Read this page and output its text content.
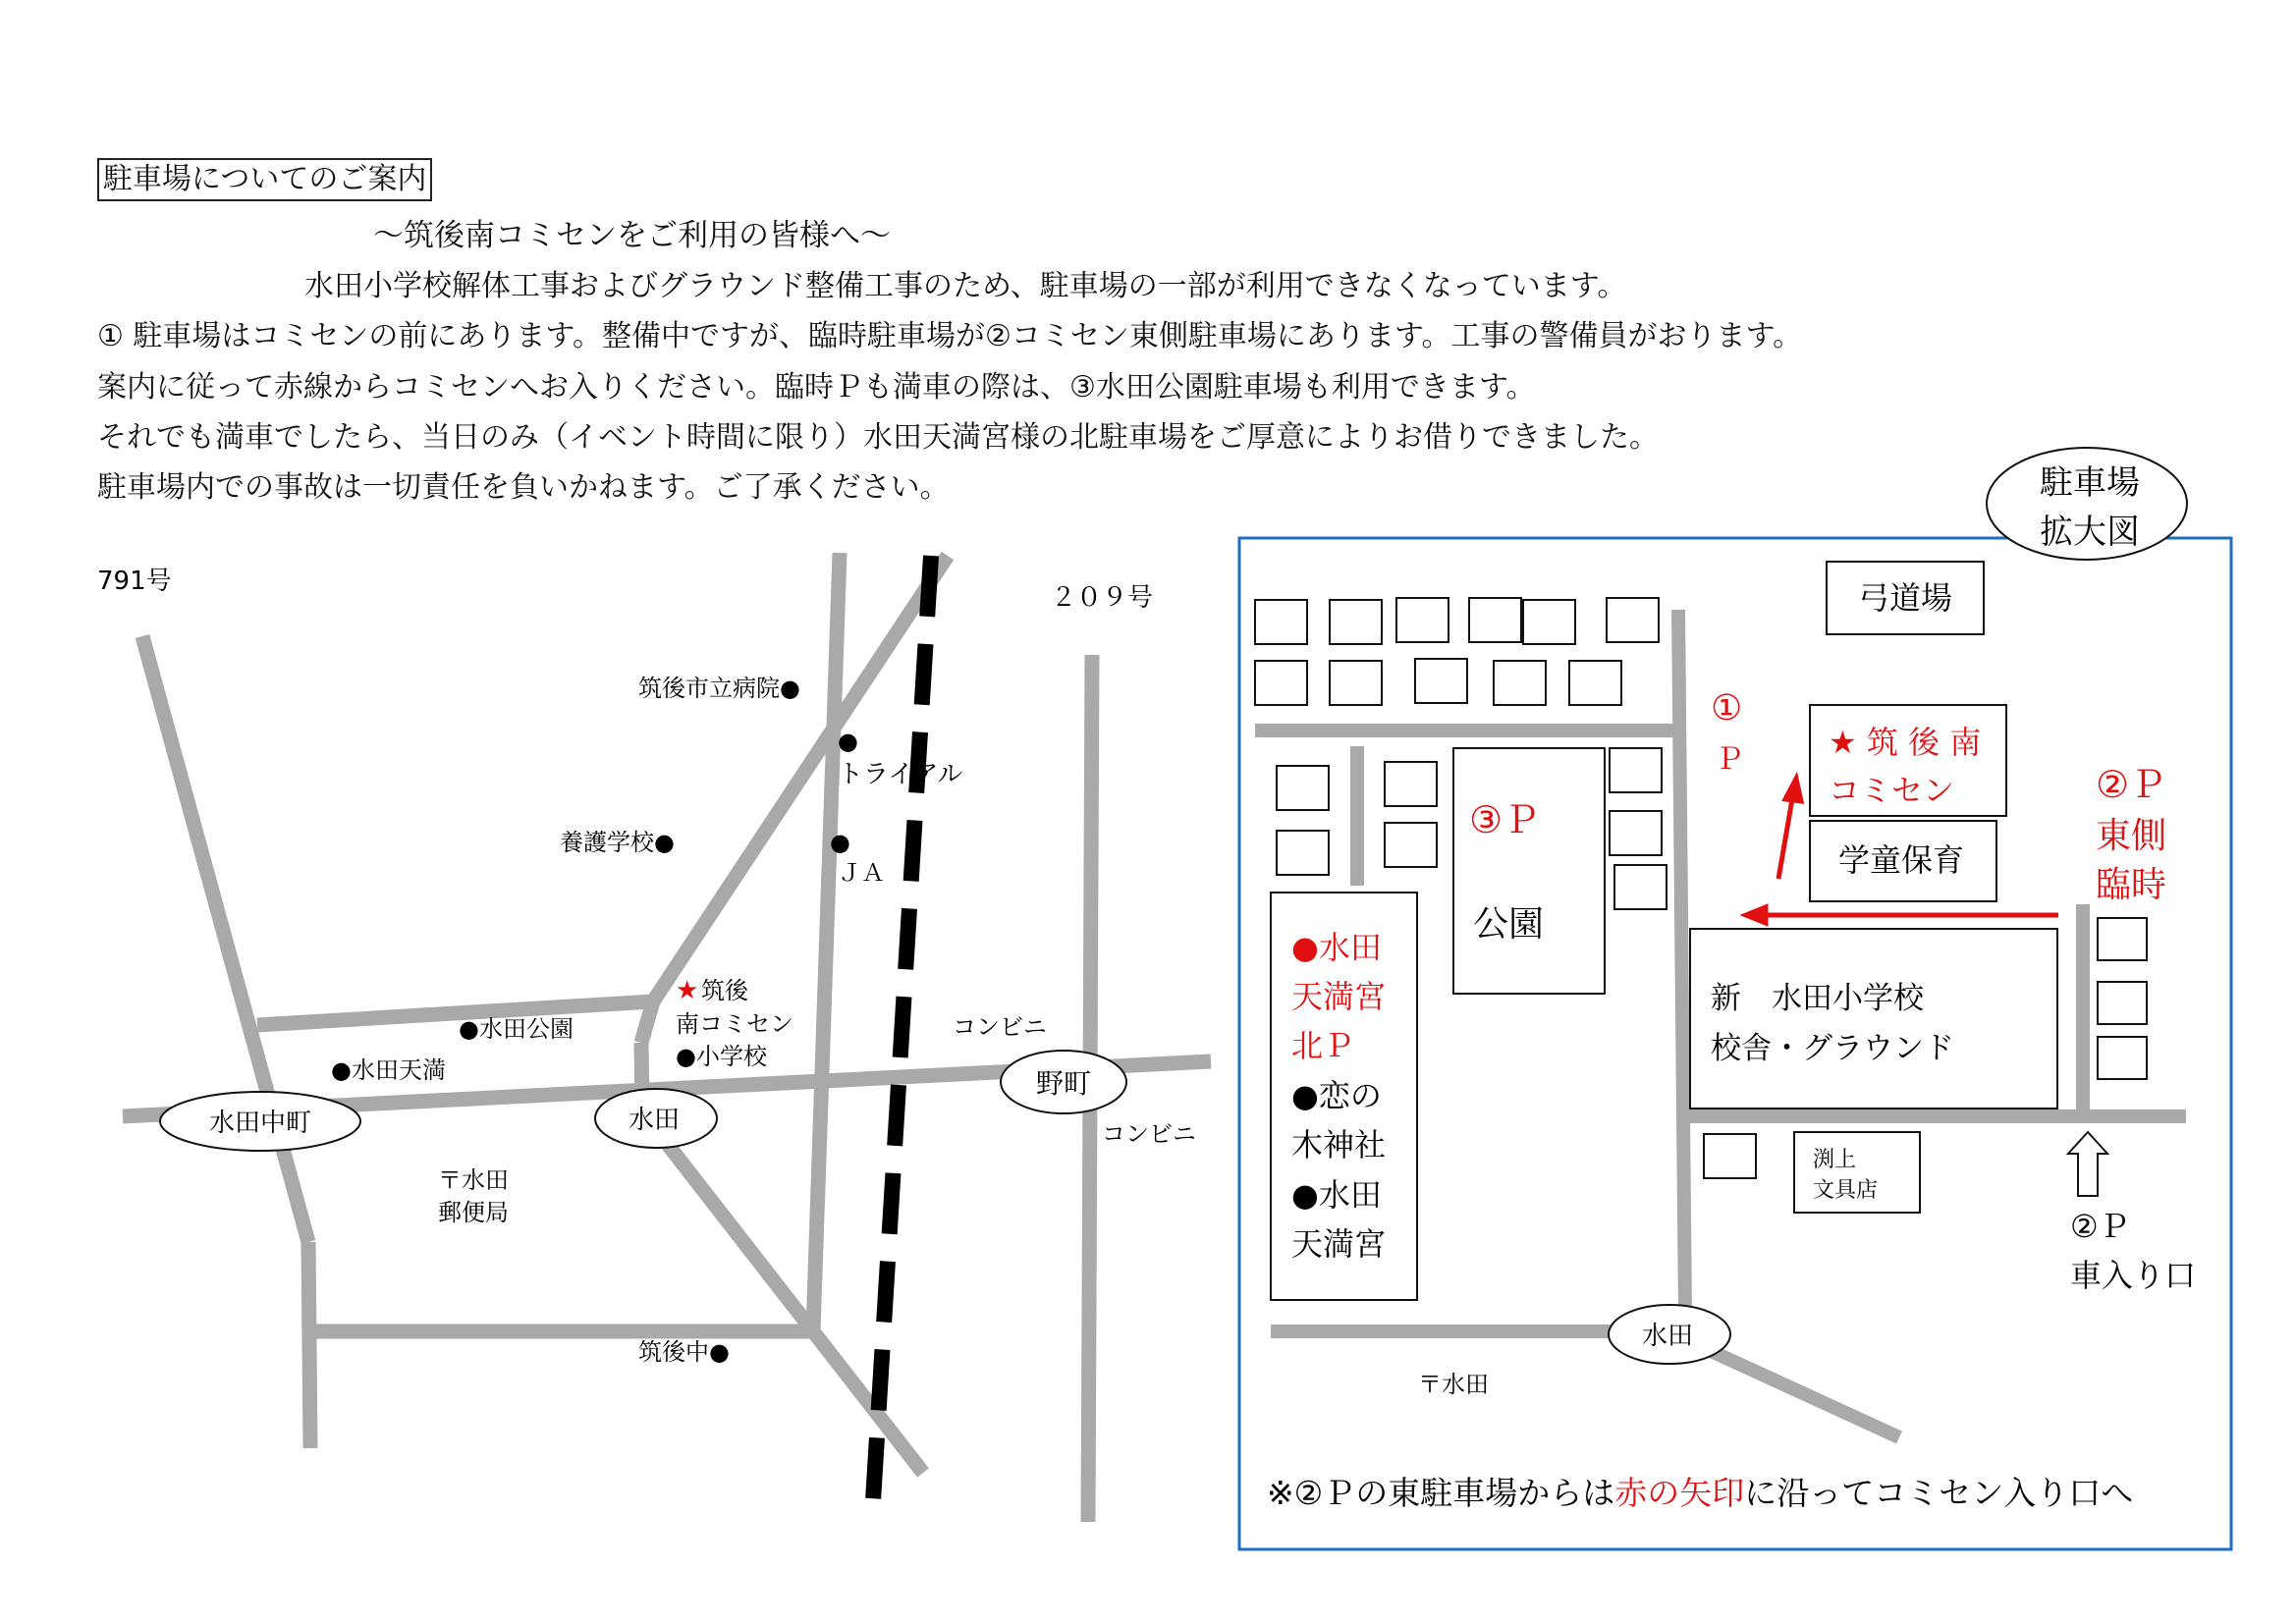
駐車場についてのご案内
〜筑後南コミセンをご利用の皆様へ〜
水田小学校解体工事およびグラウンド整備工事のため、駐車場の一部が利用できなくなっています。
① 駐車場はコミセンの前にあります。整備中ですが、臨時駐車場が②コミセン東側駐車場にあります。工事の警備員がおります。
案内に従って赤線からコミセンへお入りください。臨時Ｐも満車の際は、③水田公園駐車場も利用できます。
それでも満車でしたら、当日のみ（イベント時間に限り）水田天満宮様の北駐車場をご厚意によりお借りできました。
駐車場内での事故は一切責任を負いかねます。ご了承ください。
791号
２０９号
筑後市立病院●
●
トライアル
養護学校●	●
ＪＡ
★ 筑後
南コミセン
●水田公園
●水田天満	●小学校
コンビニ
コンビニ
〒水田
郵便局
筑後中●
水田中町	水田
野町
駐車場
拡大図
弓道場
①
Ｐ	★ 筑 後 南
コミセン
学童保育
②Ｐ
東側
臨時
③Ｐ
公園
新　水田小学校
校舎・グラウンド
●水田
天満宮
北Ｐ
●恋の
木神社
●水田
天満宮
渕上
文具店
②Ｐ
車入り口
水田
〒水田
※②Ｐの東駐車場からは赤の矢印に沿ってコミセン入り口へ
